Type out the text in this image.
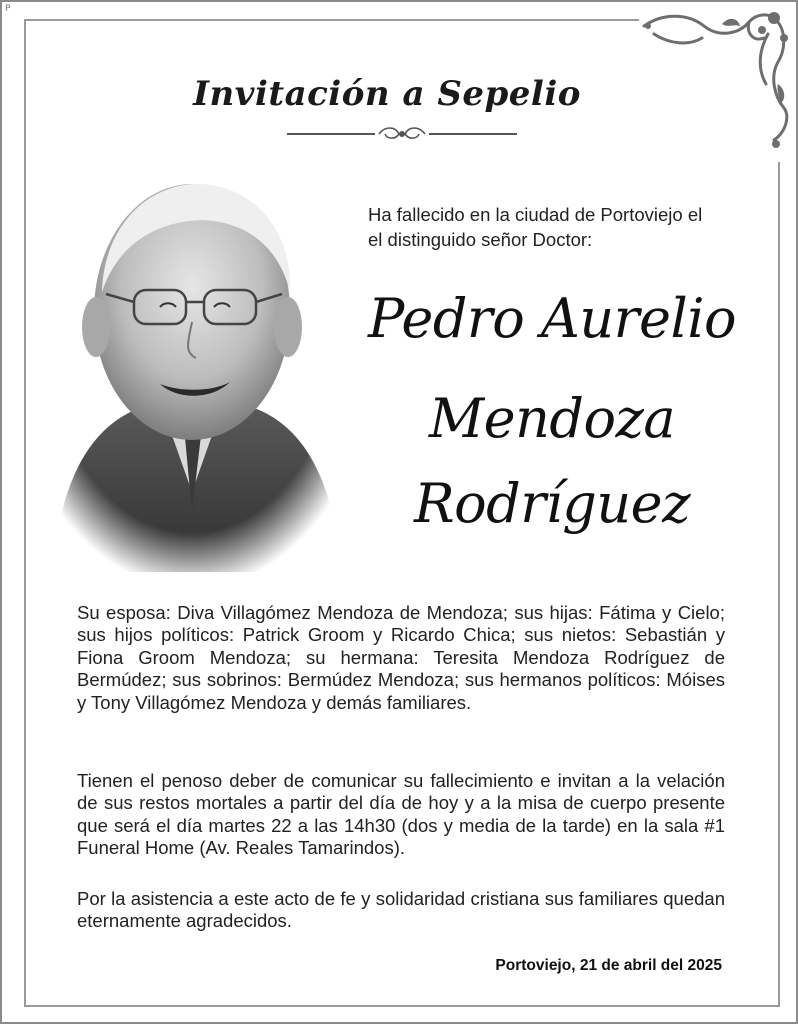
P
Invitación a Sepelio
Ha fallecido en la ciudad de Portoviejo el
el distinguido señor Doctor:
Pedro Aurelio
Mendoza
Rodríguez
Su esposa: Diva Villagómez Mendoza de Mendoza; sus hijas: Fátima y Cielo; sus hijos políticos: Patrick Groom y Ricardo Chica; sus nietos: Sebastián y Fiona Groom Mendoza; su hermana: Teresita Mendoza Rodríguez de Bermúdez; sus sobrinos: Bermúdez Mendoza; sus hermanos políticos: Móises y Tony Villagómez Mendoza y demás familiares.
Tienen el penoso deber de comunicar su fallecimiento e invitan a la velación de sus restos mortales a partir del día de hoy y a la misa de cuerpo presente que será el día martes 22 a las 14h30 (dos y media de la tarde) en la sala #1 Funeral Home (Av. Reales Tamarindos).
Por la asistencia a este acto de fe y solidaridad cristiana sus familiares quedan eternamente agradecidos.
Portoviejo, 21 de abril del 2025
